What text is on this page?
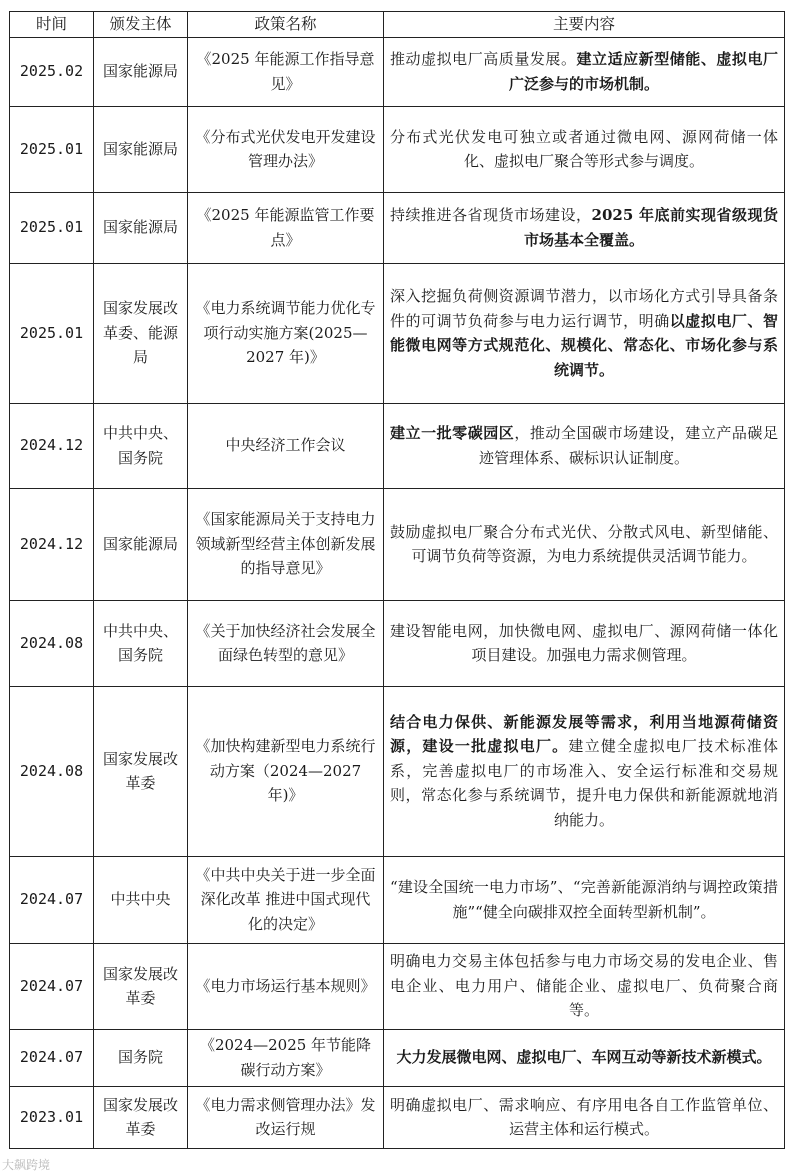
时间	颁发主体	政策名称	主要内容
2025.02	国家能源局	《2025 年能源工作指导意见》	推动虚拟电厂高质量发展。建立适应新型储能、虚拟电厂广泛参与的市场机制。
2025.01	国家能源局	《分布式光伏发电开发建设管理办法》	分布式光伏发电可独立或者通过微电网、源网荷储一体化、虚拟电厂聚合等形式参与调度。
2025.01	国家能源局	《2025 年能源监管工作要点》	持续推进各省现货市场建设，2025 年底前实现省级现货市场基本全覆盖。
2025.01	国家发展改革委、能源局	《电力系统调节能力优化专项行动实施方案(2025—2027 年)》	深入挖掘负荷侧资源调节潜力，以市场化方式引导具备条件的可调节负荷参与电力运行调节，明确以虚拟电厂、智能微电网等方式规范化、规模化、常态化、市场化参与系统调节。
2024.12	中共中央、国务院	中央经济工作会议	建立一批零碳园区，推动全国碳市场建设，建立产品碳足迹管理体系、碳标识认证制度。
2024.12	国家能源局	《国家能源局关于支持电力领域新型经营主体创新发展的指导意见》	鼓励虚拟电厂聚合分布式光伏、分散式风电、新型储能、可调节负荷等资源，为电力系统提供灵活调节能力。
2024.08	中共中央、国务院	《关于加快经济社会发展全面绿色转型的意见》	建设智能电网，加快微电网、虚拟电厂、源网荷储一体化项目建设。加强电力需求侧管理。
2024.08	国家发展改革委	《加快构建新型电力系统行动方案（2024—2027 年)》	结合电力保供、新能源发展等需求，利用当地源荷储资源，建设一批虚拟电厂。建立健全虚拟电厂技术标准体系，完善虚拟电厂的市场准入、安全运行标准和交易规则，常态化参与系统调节，提升电力保供和新能源就地消纳能力。
2024.07	中共中央	《中共中央关于进一步全面深化改革 推进中国式现代化的决定》	“建设全国统一电力市场”、“完善新能源消纳与调控政策措施”“健全向碳排双控全面转型新机制”。
2024.07	国家发展改革委	《电力市场运行基本规则》	明确电力交易主体包括参与电力市场交易的发电企业、售电企业、电力用户、储能企业、虚拟电厂、负荷聚合商等。
2024.07	国务院	《2024—2025 年节能降碳行动方案》	大力发展微电网、虚拟电厂、车网互动等新技术新模式。
2023.01	国家发展改革委	《电力需求侧管理办法》发改运行规	明确虚拟电厂、需求响应、有序用电各自工作监管单位、运营主体和运行模式。
大飙跨境
